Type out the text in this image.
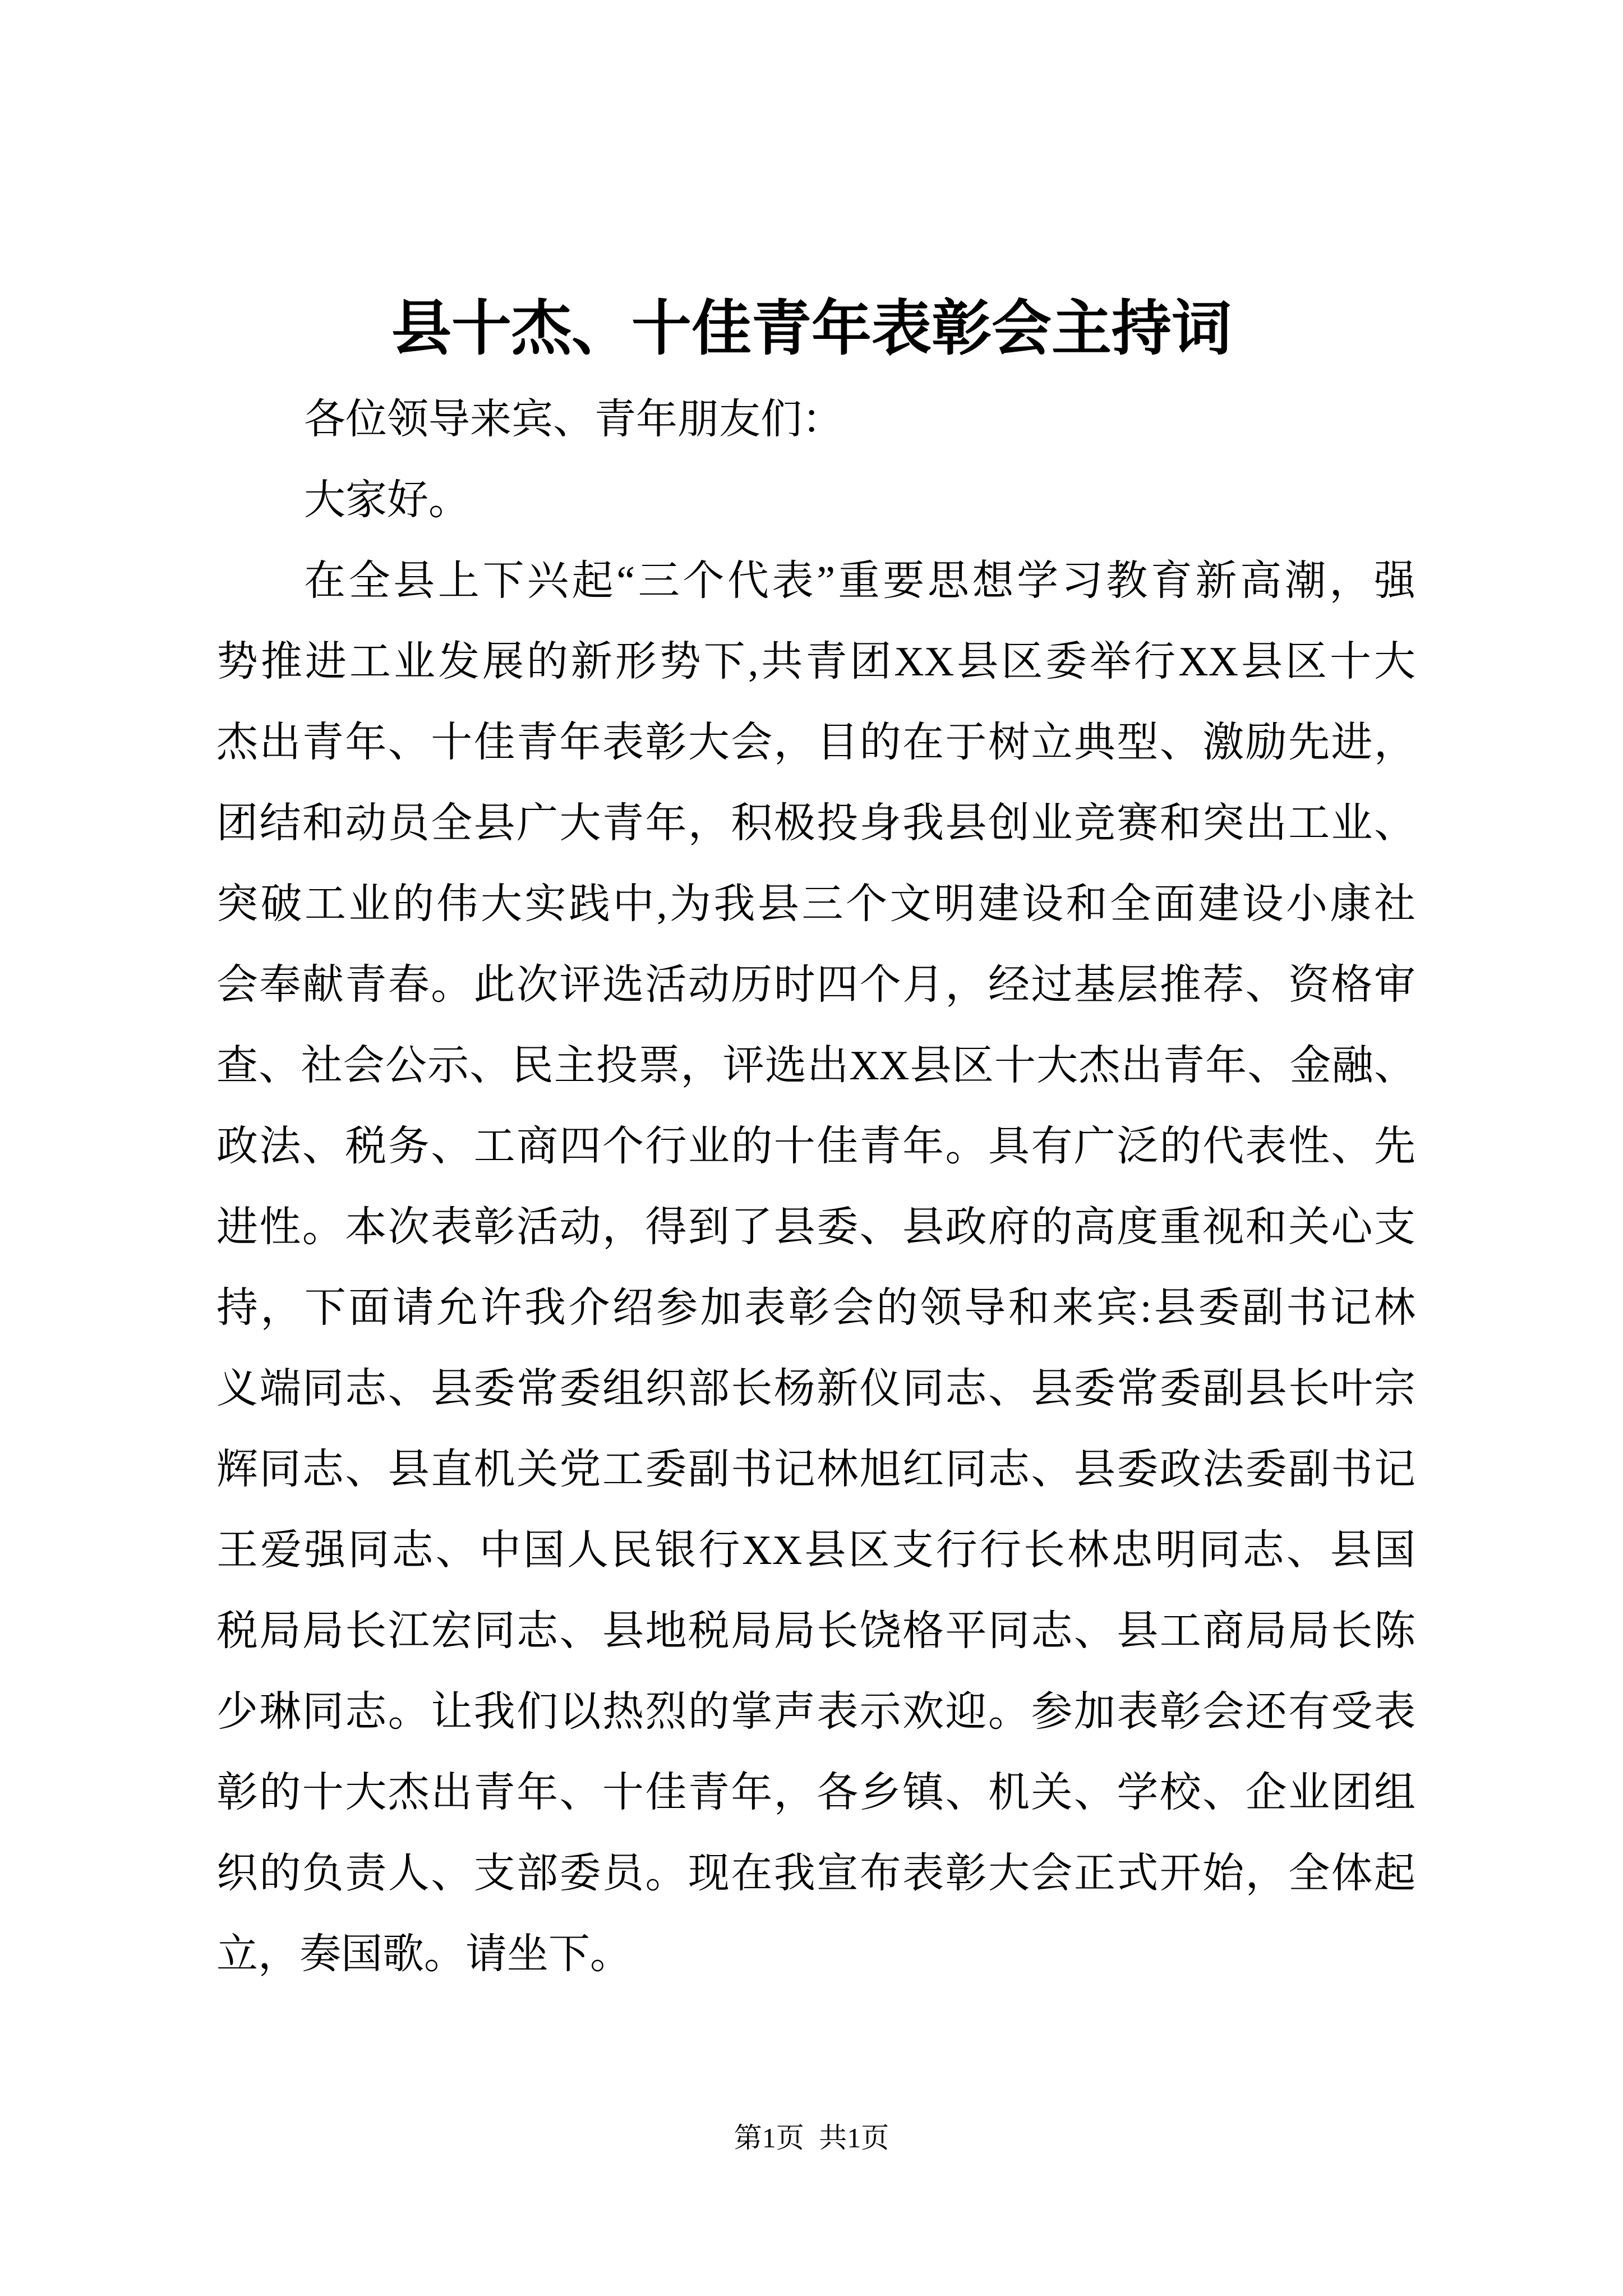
县十杰、十佳青年表彰会主持词
各位领导来宾、青年朋友们：
大家好。
在全县上下兴起“三个代表”重要思想学习教育新高潮，强
势推进工业发展的新形势下,共青团XX县区委举行XX县区十大
杰出青年、十佳青年表彰大会，目的在于树立典型、激励先进，
团结和动员全县广大青年，积极投身我县创业竞赛和突出工业、
突破工业的伟大实践中,为我县三个文明建设和全面建设小康社
会奉献青春。此次评选活动历时四个月，经过基层推荐、资格审
查、社会公示、民主投票，评选出XX县区十大杰出青年、金融、
政法、税务、工商四个行业的十佳青年。具有广泛的代表性、先
进性。本次表彰活动，得到了县委、县政府的高度重视和关心支
持，下面请允许我介绍参加表彰会的领导和来宾:县委副书记林
义端同志、县委常委组织部长杨新仪同志、县委常委副县长叶宗
辉同志、县直机关党工委副书记林旭红同志、县委政法委副书记
王爱强同志、中国人民银行XX县区支行行长林忠明同志、县国
税局局长江宏同志、县地税局局长饶格平同志、县工商局局长陈
少琳同志。让我们以热烈的掌声表示欢迎。参加表彰会还有受表
彰的十大杰出青年、十佳青年，各乡镇、机关、学校、企业团组
织的负责人、支部委员。现在我宣布表彰大会正式开始，全体起
立，奏国歌。请坐下。
第1页 共1页
